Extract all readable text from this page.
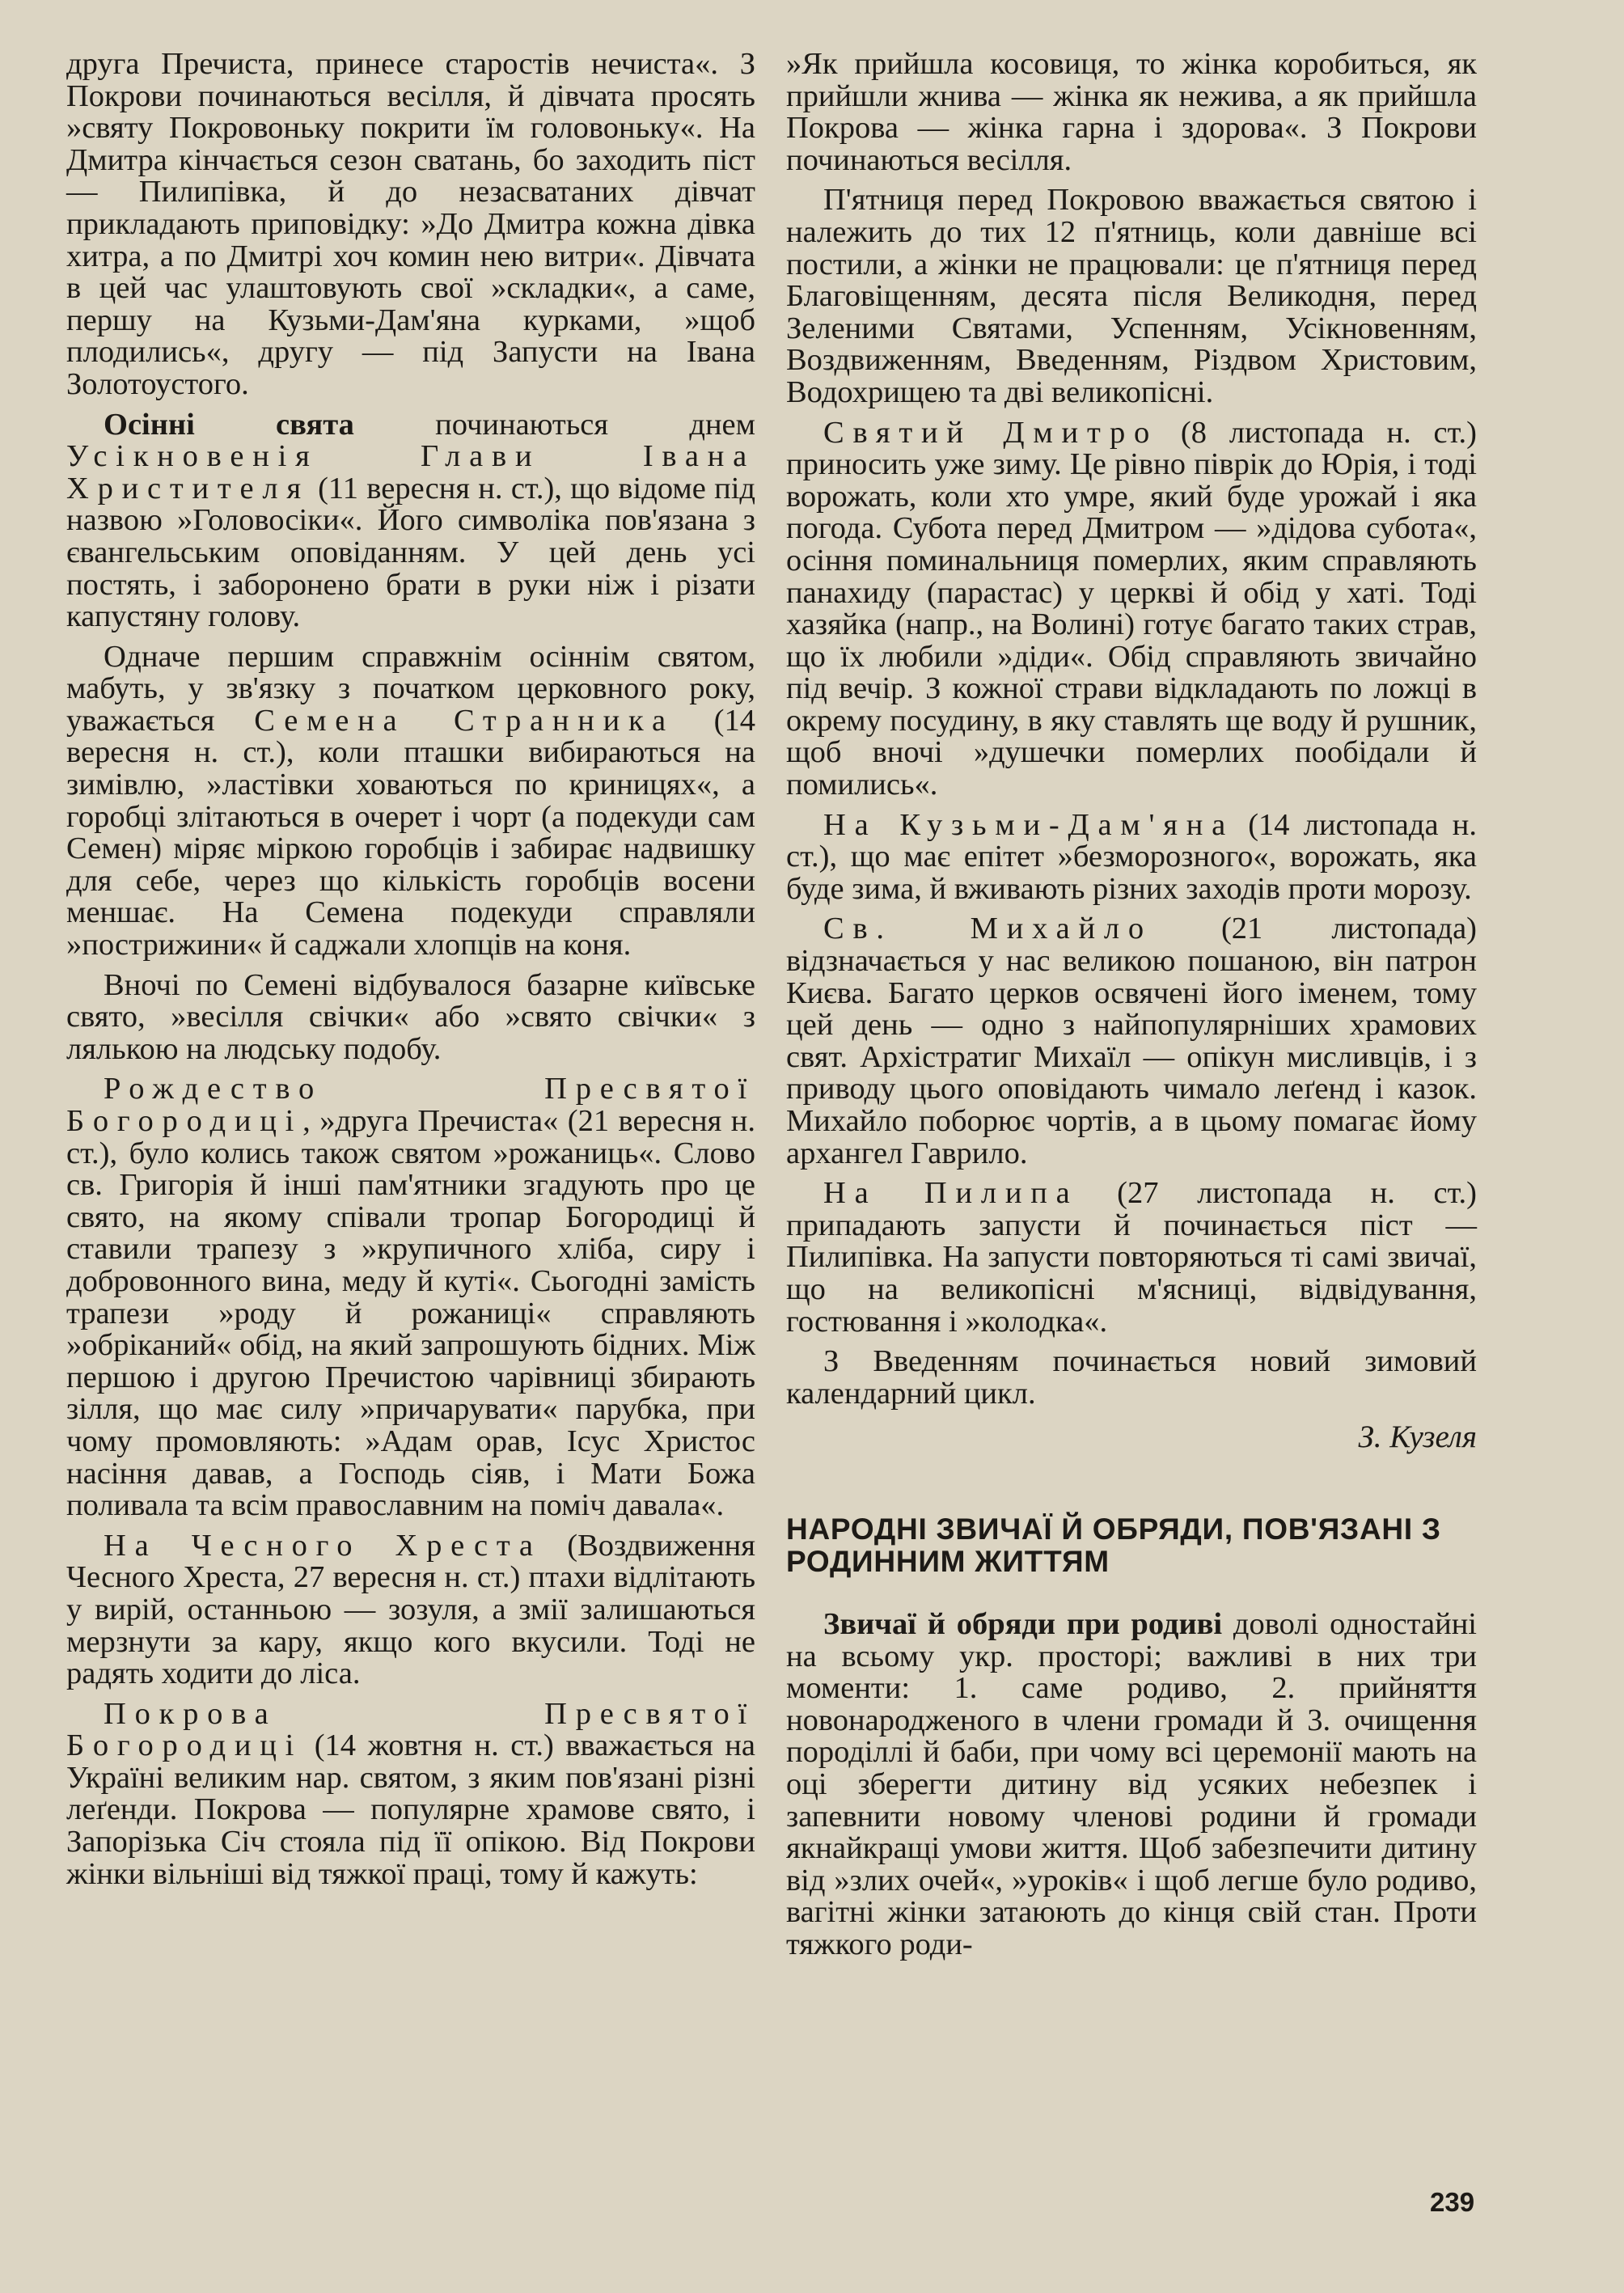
друга Пречиста, принесе старостів нечиста«. З Покрови починаються весілля, й дівчата просять »святу Покровоньку покрити їм головоньку«. На Дмитра кінчається сезон сватань, бо заходить піст — Пилипівка, й до незасватаних дівчат прикладають приповідку: »До Дмитра кожна дівка хитра, а по Дмитрі хоч комин нею витри«. Дівчата в цей час улаштовують свої »складки«, а саме, першу на Кузьми-Дам'яна курками, »щоб плодились«, другу — під Запусти на Івана Золотоустого.

Осінні свята починаються днем Усікновенія Глави Івана Христителя (11 вересня н. ст.), що відоме під назвою »Головосіки«. Його символіка пов'язана з євангельським оповіданням. У цей день усі постять, і заборонено брати в руки ніж і різати капустяну голову.

Одначе першим справжнім осіннім святом, мабуть, у зв'язку з початком церковного року, уважається Семена Странника (14 вересня н. ст.), коли пташки вибираються на зимівлю, »ластівки ховаються по криницях«, а горобці злітаються в очерет і чорт (а подекуди сам Семен) міряє міркою горобців і забирає надвишку для себе, через що кількість горобців восени меншає. На Семена подекуди справляли »пострижини« й саджали хлопців на коня.

Вночі по Семені відбувалося базарне київське свято, »весілля свічки« або »свято свічки« з лялькою на людську подобу.

Рождество Пресвятої Богородиці, »друга Пречиста« (21 вересня н. ст.), було колись також святом »рожаниць«. Слово св. Григорія й інші пам'ятники згадують про це свято, на якому співали тропар Богородиці й ставили трапезу з »крупичного хліба, сиру і добровонного вина, меду й куті«. Сьогодні замість трапези »роду й рожаниці« справляють »обріканий« обід, на який запрошують бідних. Між першою і другою Пречистою чарівниці збирають зілля, що має силу »причарувати« парубка, при чому промовляють: »Адам орав, Ісус Христос насіння давав, а Господь сіяв, і Мати Божа поливала та всім православним на поміч давала«.

На Чесного Хреста (Воздвиження Чесного Хреста, 27 вересня н. ст.) птахи відлітають у вирій, останньою — зозуля, а змії залишаються мерзнути за кару, якщо кого вкусили. Тоді не радять ходити до ліса.

Покрова Пресвятої Богородиці (14 жовтня н. ст.) вважається на Україні великим нар. святом, з яким пов'язані різні леґенди. Покрова — популярне храмове свято, і Запорізька Січ стояла під її опікою. Від Покрови жінки вільніші від тяжкої праці, тому й кажуть:

»Як прийшла косовиця, то жінка коробиться, як прийшли жнива — жінка як нежива, а як прийшла Покрова — жінка гарна і здорова«. З Покрови починаються весілля.

П'ятниця перед Покровою вважається святою і належить до тих 12 п'ятниць, коли давніше всі постили, а жінки не працювали: це п'ятниця перед Благовіщенням, десята після Великодня, перед Зеленими Святами, Успенням, Усікновенням, Воздвиженням, Введенням, Різдвом Христовим, Водохрищею та дві великопісні.

Святий Дмитро (8 листопада н. ст.) приносить уже зиму. Це рівно піврік до Юрія, і тоді ворожать, коли хто умре, який буде урожай і яка погода. Субота перед Дмитром — »дідова субота«, осіння поминальниця померлих, яким справляють панахиду (парастас) у церкві й обід у хаті. Тоді хазяйка (напр., на Волині) готує багато таких страв, що їх любили »діди«. Обід справляють звичайно під вечір. З кожної страви відкладають по ложці в окрему посудину, в яку ставлять ще воду й рушник, щоб вночі »душечки померлих пообідали й помились«.

На Кузьми-Дам'яна (14 листопада н. ст.), що має епітет »безморозного«, ворожать, яка буде зима, й вживають різних заходів проти морозу.

Св. Михайло (21 листопада) відзначається у нас великою пошаною, він патрон Києва. Багато церков освячені його іменем, тому цей день — одно з найпопулярніших храмових свят. Архістратиг Михаїл — опікун мисливців, і з приводу цього оповідають чимало леґенд і казок. Михайло поборює чортів, а в цьому помагає йому архангел Гаврило.

На Пилипа (27 листопада н. ст.) припадають запусти й починається піст — Пилипівка. На запусти повторяються ті самі звичаї, що на великопісні м'ясниці, відвідування, гостювання і »колодка«.

З Введенням починається новий зимовий календарний цикл.

З. Кузеля
НАРОДНІ ЗВИЧАЇ Й ОБРЯДИ, ПОВ'ЯЗАНІ З РОДИННИМ ЖИТТЯМ

Звичаї й обряди при родиві доволі одностайні на всьому укр. просторі; важливі в них три моменти: 1. саме родиво, 2. прийняття новонародженого в члени громади й 3. очищення породіллі й баби, при чому всі церемонії мають на оці зберегти дитину від усяких небезпек і запевнити новому членові родини й громади якнайкращі умови життя. Щоб забезпечити дитину від »злих очей«, »уроків« і щоб легше було родиво, вагітні жінки затаюють до кінця свій стан. Проти тяжкого роди-

239
